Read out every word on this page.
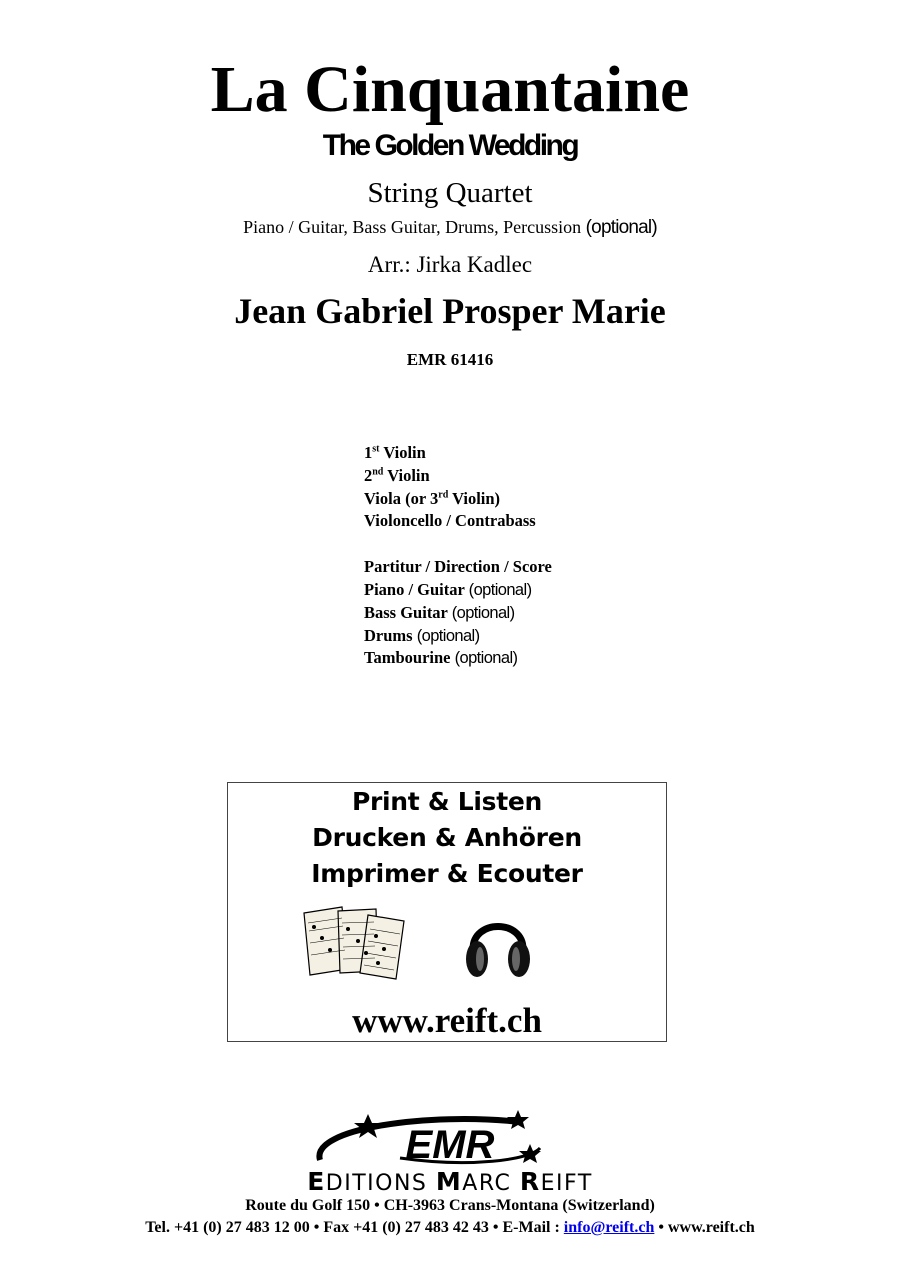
La Cinquantaine
The Golden Wedding
String Quartet
Piano / Guitar, Bass Guitar, Drums, Percussion (optional)
Arr.: Jirka Kadlec
Jean Gabriel Prosper Marie
EMR 61416
1st Violin
2nd Violin
Viola (or 3rd Violin)
Violoncello / Contrabass
Partitur / Direction / Score
Piano / Guitar (optional)
Bass Guitar (optional)
Drums (optional)
Tambourine (optional)
Print & Listen
Drucken & Anhören
Imprimer & Ecouter
www.reift.ch
EMR
EDITIONS MARC REIFT
Route du Golf 150 • CH-3963 Crans-Montana (Switzerland)
Tel. +41 (0) 27 483 12 00 • Fax +41 (0) 27 483 42 43 • E-Mail : info@reift.ch • www.reift.ch
